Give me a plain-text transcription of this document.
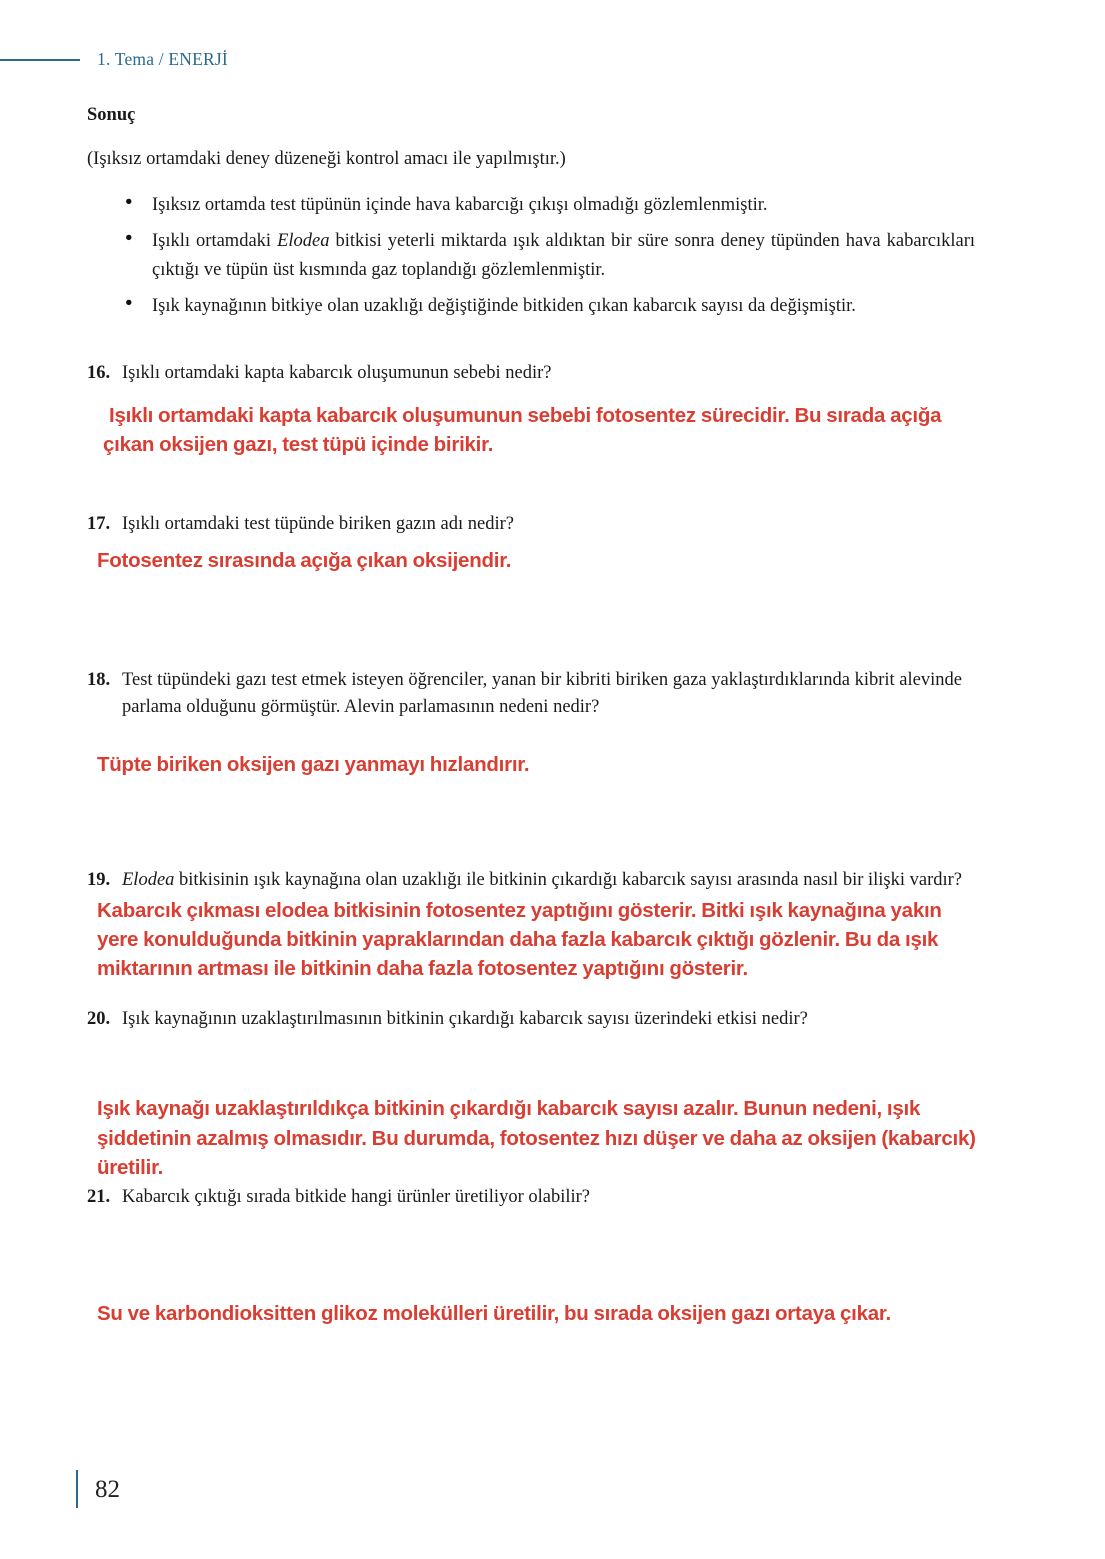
1. Tema / ENERJİ
Sonuç
(Işıksız ortamdaki deney düzeneği kontrol amacı ile yapılmıştır.)
● Işıksız ortamda test tüpünün içinde hava kabarcığı çıkışı olmadığı gözlemlenmiştir.
● Işıklı ortamdaki Elodea bitkisi yeterli miktarda ışık aldıktan bir süre sonra deney tüpünden hava kabarcıkları çıktığı ve tüpün üst kısmında gaz toplandığı gözlemlenmiştir.
● Işık kaynağının bitkiye olan uzaklığı değiştiğinde bitkiden çıkan kabarcık sayısı da değişmiştir.
16. Işıklı ortamdaki kapta kabarcık oluşumunun sebebi nedir?
Işıklı ortamdaki kapta kabarcık oluşumunun sebebi fotosentez sürecidir. Bu sırada açığa çıkan oksijen gazı, test tüpü içinde birikir.
17. Işıklı ortamdaki test tüpünde biriken gazın adı nedir?
Fotosentez sırasında açığa çıkan oksijendir.
18. Test tüpündeki gazı test etmek isteyen öğrenciler, yanan bir kibriti biriken gaza yaklaştırdıklarında kibrit alevinde parlama olduğunu görmüştür. Alevin parlamasının nedeni nedir?
Tüpte biriken oksijen gazı yanmayı hızlandırır.
19. Elodea bitkisinin ışık kaynağına olan uzaklığı ile bitkinin çıkardığı kabarcık sayısı arasında nasıl bir ilişki vardır?
Kabarcık çıkması elodea bitkisinin fotosentez yaptığını gösterir. Bitki ışık kaynağına yakın yere konulduğunda bitkinin yapraklarından daha fazla kabarcık çıktığı gözlenir. Bu da ışık miktarının artması ile bitkinin daha fazla fotosentez yaptığını gösterir.
20. Işık kaynağının uzaklaştırılmasının bitkinin çıkardığı kabarcık sayısı üzerindeki etkisi nedir?
Işık kaynağı uzaklaştırıldıkça bitkinin çıkardığı kabarcık sayısı azalır. Bunun nedeni, ışık şiddetinin azalmış olmasıdır. Bu durumda, fotosentez hızı düşer ve daha az oksijen (kabarcık) üretilir.
21. Kabarcık çıktığı sırada bitkide hangi ürünler üretiliyor olabilir?
Su ve karbondioksitten glikoz molekülleri üretilir, bu sırada oksijen gazı ortaya çıkar.
82
